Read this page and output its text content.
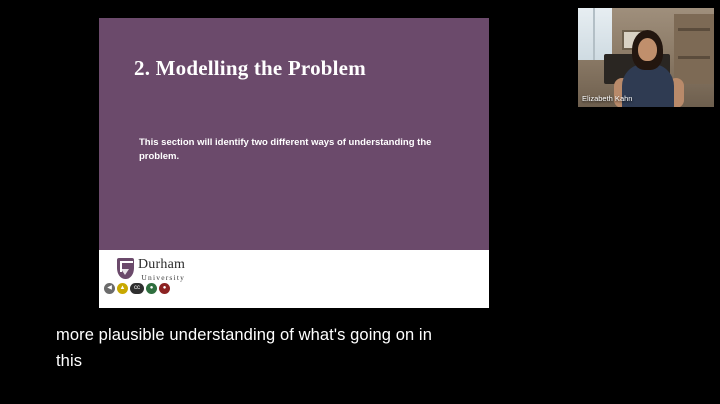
2. Modelling the Problem
This section will identify two different ways of understanding the problem.
Durham
University
◀	▲	cc	●	●
Elizabeth Kahn
more plausible understanding of what's going on in
this
